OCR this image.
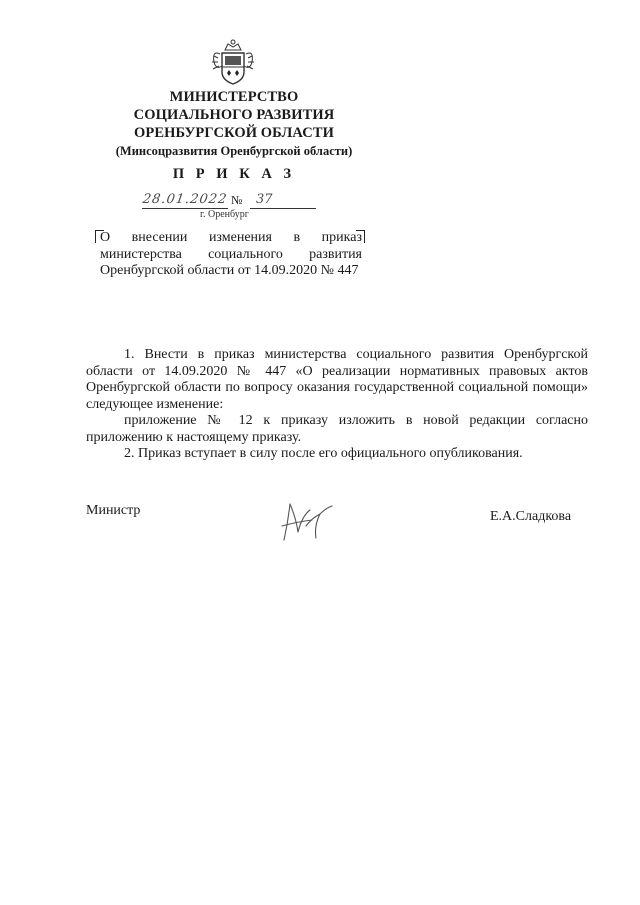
МИНИСТЕРСТВО
СОЦИАЛЬНОГО РАЗВИТИЯ
ОРЕНБУРГСКОЙ ОБЛАСТИ
(Минсоцразвития Оренбургской области)
П Р И К А З
28.01.2022 №	37
г. Оренбург
О внесении изменения в приказ министерства социального развития Оренбургской области от 14.09.2020 № 447

1. Внести в приказ министерства социального развития Оренбургской области от 14.09.2020 № 447 «О реализации нормативных правовых актов Оренбургской области по вопросу оказания государственной социальной помощи» следующее изменение:

приложение № 12 к приказу изложить в новой редакции согласно приложению к настоящему приказу.

2. Приказ вступает в силу после его официального опубликования.

Министр	Е.А.Сладкова
